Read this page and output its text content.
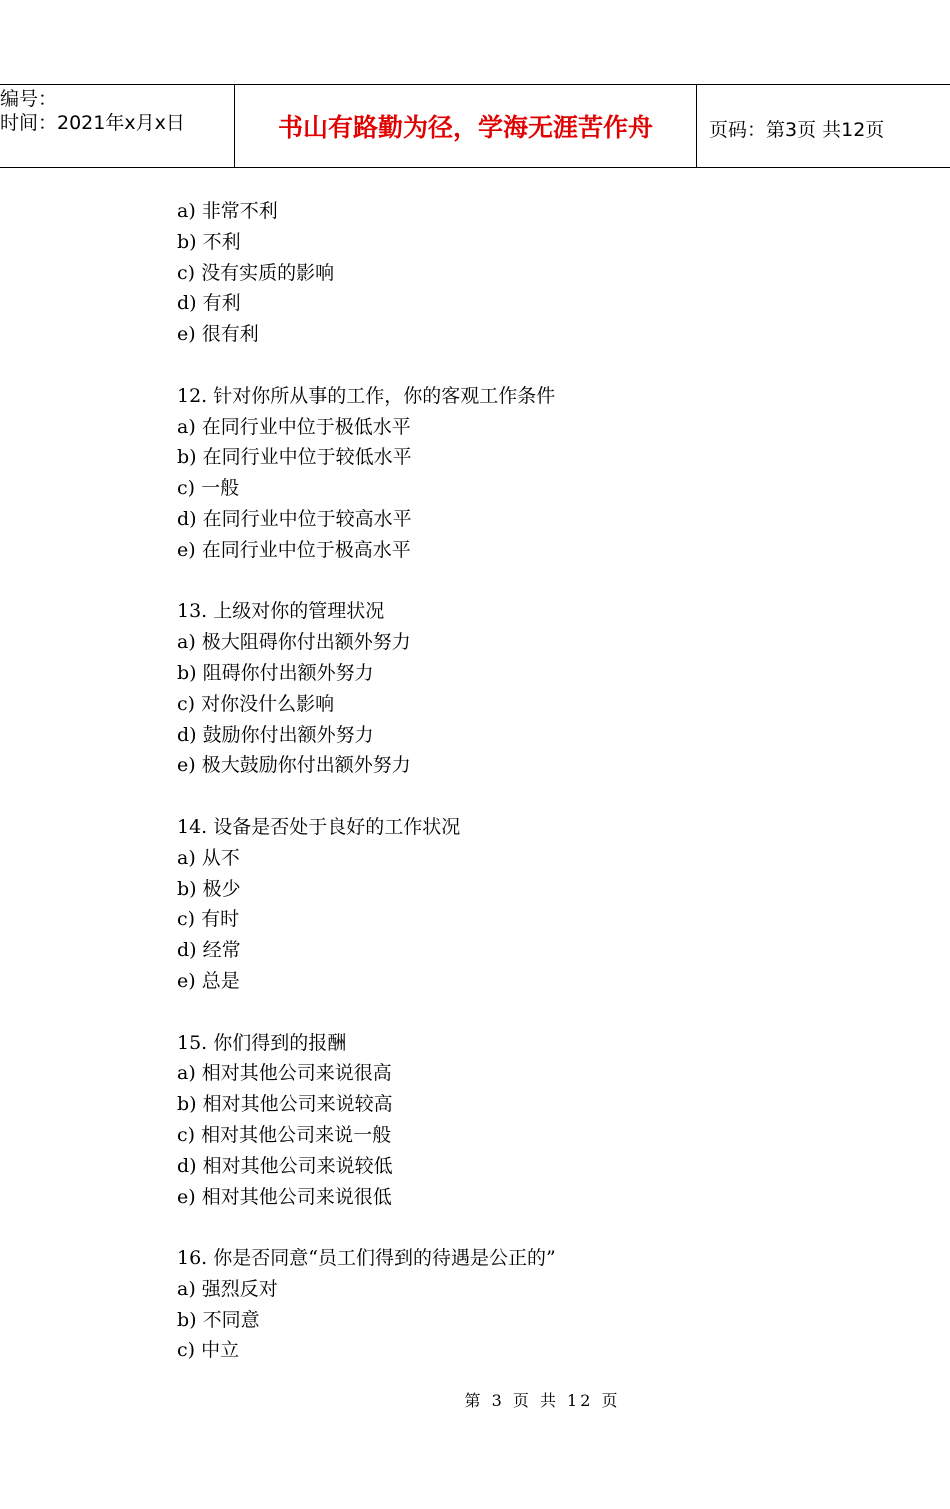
编号：
时间：2021年x月x日	书山有路勤为径，学海无涯苦作舟	页码：第3页 共12页
a) 非常不利
b) 不利
c) 没有实质的影响
d) 有利
e) 很有利
12. 针对你所从事的工作，你的客观工作条件
a) 在同行业中位于极低水平
b) 在同行业中位于较低水平
c) 一般
d) 在同行业中位于较高水平
e) 在同行业中位于极高水平
13. 上级对你的管理状况
a) 极大阻碍你付出额外努力
b) 阻碍你付出额外努力
c) 对你没什么影响
d) 鼓励你付出额外努力
e) 极大鼓励你付出额外努力
14. 设备是否处于良好的工作状况
a) 从不
b) 极少
c) 有时
d) 经常
e) 总是
15. 你们得到的报酬
a) 相对其他公司来说很高
b) 相对其他公司来说较高
c) 相对其他公司来说一般
d) 相对其他公司来说较低
e) 相对其他公司来说很低
16. 你是否同意“员工们得到的待遇是公正的”
a) 强烈反对
b) 不同意
c) 中立
第 3 页 共 12 页
